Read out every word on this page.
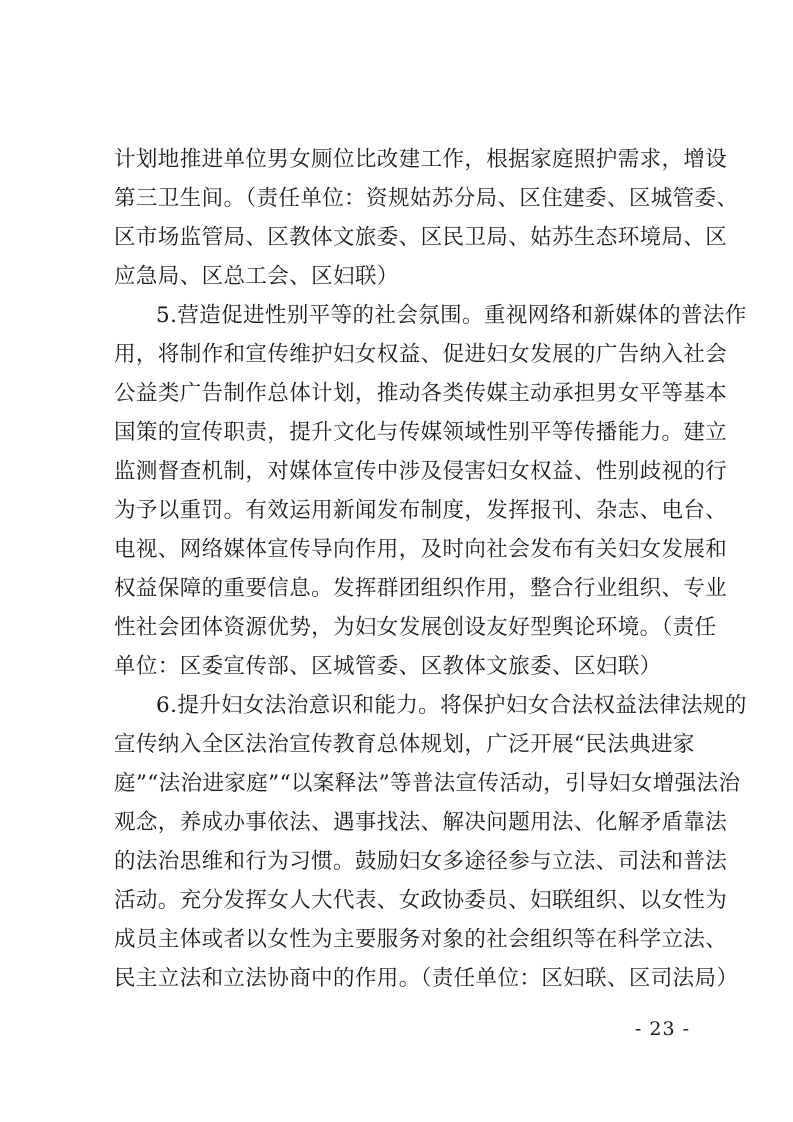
计划地推进单位男女厕位比改建工作，根据家庭照护需求，增设
第三卫生间。（责任单位：资规姑苏分局、区住建委、区城管委、
区市场监管局、区教体文旅委、区民卫局、姑苏生态环境局、区
应急局、区总工会、区妇联）
5.营造促进性别平等的社会氛围。重视网络和新媒体的普法作
用，将制作和宣传维护妇女权益、促进妇女发展的广告纳入社会
公益类广告制作总体计划，推动各类传媒主动承担男女平等基本
国策的宣传职责，提升文化与传媒领域性别平等传播能力。建立
监测督查机制，对媒体宣传中涉及侵害妇女权益、性别歧视的行
为予以重罚。有效运用新闻发布制度，发挥报刊、杂志、电台、
电视、网络媒体宣传导向作用，及时向社会发布有关妇女发展和
权益保障的重要信息。发挥群团组织作用，整合行业组织、专业
性社会团体资源优势，为妇女发展创设友好型舆论环境。（责任
单位：区委宣传部、区城管委、区教体文旅委、区妇联）
6.提升妇女法治意识和能力。将保护妇女合法权益法律法规的
宣传纳入全区法治宣传教育总体规划，广泛开展“民法典进家
庭”“法治进家庭”“以案释法”等普法宣传活动，引导妇女增强法治
观念，养成办事依法、遇事找法、解决问题用法、化解矛盾靠法
的法治思维和行为习惯。鼓励妇女多途径参与立法、司法和普法
活动。充分发挥女人大代表、女政协委员、妇联组织、以女性为
成员主体或者以女性为主要服务对象的社会组织等在科学立法、
民主立法和立法协商中的作用。（责任单位：区妇联、区司法局）
- 23 -
